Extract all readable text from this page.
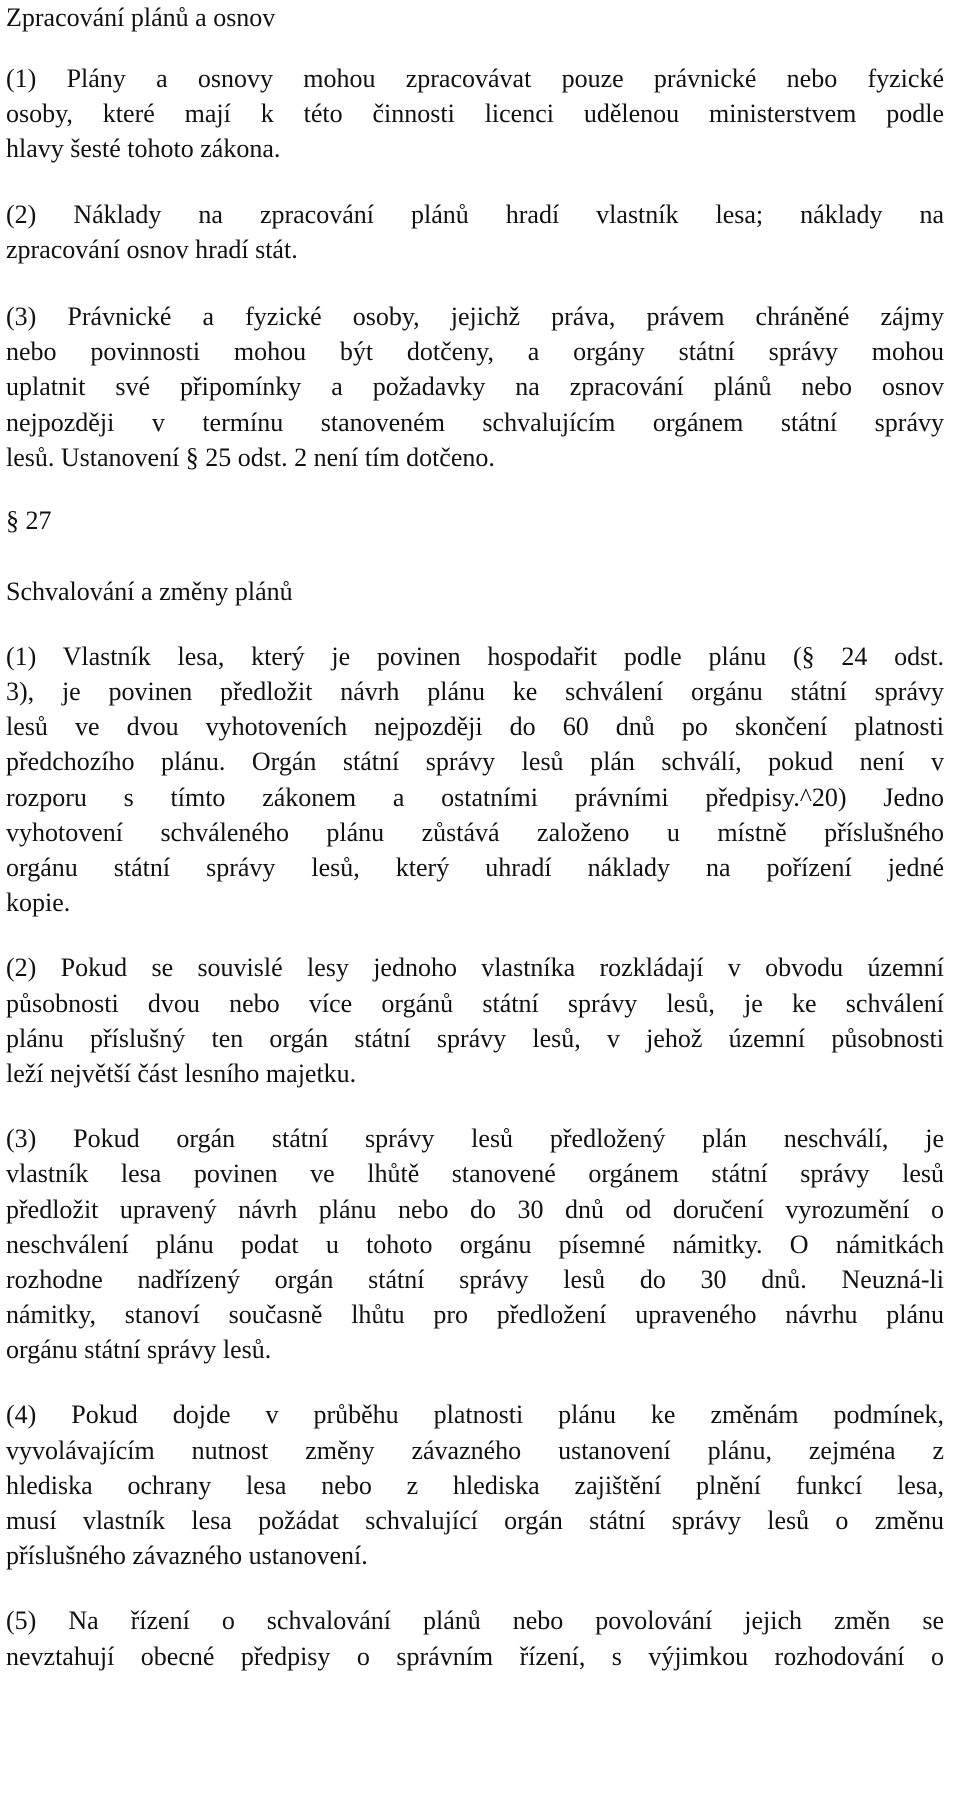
Zpracování plánů a osnov
(1) Plány a osnovy mohou zpracovávat pouze právnické nebo fyzické
osoby, které mají k této činnosti licenci udělenou ministerstvem podle
hlavy šesté tohoto zákona.
(2) Náklady na zpracování plánů hradí vlastník lesa; náklady na
zpracování osnov hradí stát.
(3) Právnické a fyzické osoby, jejichž práva, právem chráněné zájmy
nebo povinnosti mohou být dotčeny, a orgány státní správy mohou
uplatnit své připomínky a požadavky na zpracování plánů nebo osnov
nejpozději v termínu stanoveném schvalujícím orgánem státní správy
lesů. Ustanovení § 25 odst. 2 není tím dotčeno.
§ 27
Schvalování a změny plánů
(1) Vlastník lesa, který je povinen hospodařit podle plánu (§ 24 odst.
3), je povinen předložit návrh plánu ke schválení orgánu státní správy
lesů ve dvou vyhotoveních nejpozději do 60 dnů po skončení platnosti
předchozího plánu. Orgán státní správy lesů plán schválí, pokud není v
rozporu s tímto zákonem a ostatními právními předpisy.^20) Jedno
vyhotovení schváleného plánu zůstává založeno u místně příslušného
orgánu státní správy lesů, který uhradí náklady na pořízení jedné
kopie.
(2) Pokud se souvislé lesy jednoho vlastníka rozkládají v obvodu územní
působnosti dvou nebo více orgánů státní správy lesů, je ke schválení
plánu příslušný ten orgán státní správy lesů, v jehož územní působnosti
leží největší část lesního majetku.
(3) Pokud orgán státní správy lesů předložený plán neschválí, je
vlastník lesa povinen ve lhůtě stanovené orgánem státní správy lesů
předložit upravený návrh plánu nebo do 30 dnů od doručení vyrozumění o
neschválení plánu podat u tohoto orgánu písemné námitky. O námitkách
rozhodne nadřízený orgán státní správy lesů do 30 dnů. Neuzná-li
námitky, stanoví současně lhůtu pro předložení upraveného návrhu plánu
orgánu státní správy lesů.
(4) Pokud dojde v průběhu platnosti plánu ke změnám podmínek,
vyvolávajícím nutnost změny závazného ustanovení plánu, zejména z
hlediska ochrany lesa nebo z hlediska zajištění plnění funkcí lesa,
musí vlastník lesa požádat schvalující orgán státní správy lesů o změnu
příslušného závazného ustanovení.
(5) Na řízení o schvalování plánů nebo povolování jejich změn se
nevztahují obecné předpisy o správním řízení, s výjimkou rozhodování o
